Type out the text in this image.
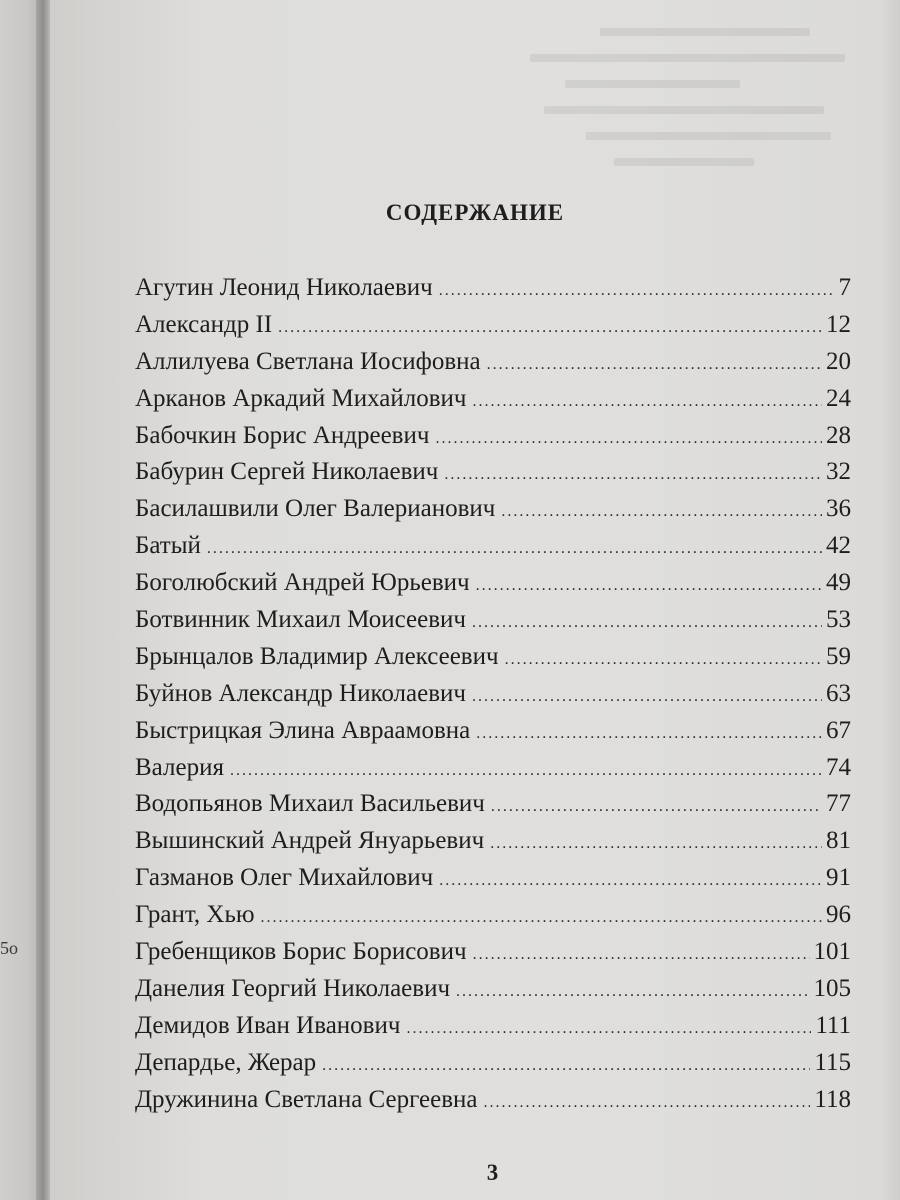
5о
СОДЕРЖАНИЕ
Агутин Леонид Николаевич .....	7
Александр II .....	12
Аллилуева Светлана Иосифовна .....	20
Арканов Аркадий Михайлович .....	24
Бабочкин Борис Андреевич .....	28
Бабурин Сергей Николаевич .....	32
Басилашвили Олег Валерианович .....	36
Батый .....	42
Боголюбский Андрей Юрьевич .....	49
Ботвинник Михаил Моисеевич .....	53
Брынцалов Владимир Алексеевич .....	59
Буйнов Александр Николаевич .....	63
Быстрицкая Элина Авраамовна .....	67
Валерия .....	74
Водопьянов Михаил Васильевич .....	77
Вышинский Андрей Януарьевич .....	81
Газманов Олег Михайлович .....	91
Грант, Хью .....	96
Гребенщиков Борис Борисович .....	101
Данелия Георгий Николаевич .....	105
Демидов Иван Иванович .....	111
Депардье, Жерар .....	115
Дружинина Светлана Сергеевна .....	118
3
